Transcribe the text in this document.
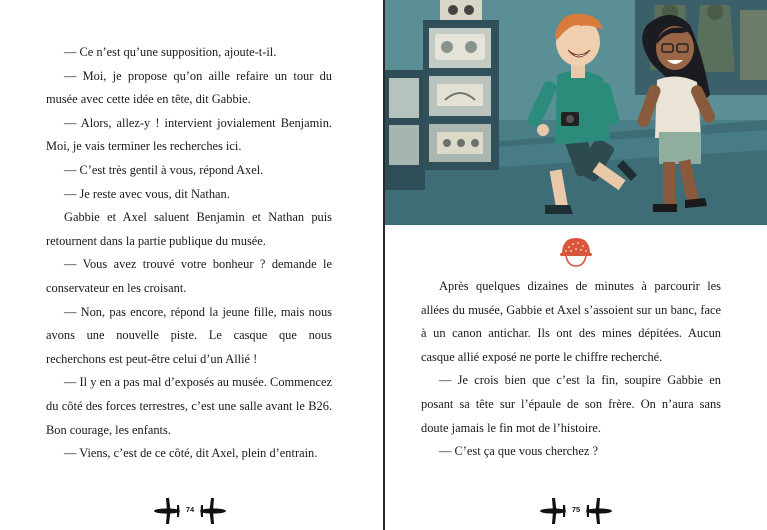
— Ce n’est qu’une supposition, ajoute-t-il.

— Moi, je propose qu’on aille refaire un tour du musée avec cette idée en tête, dit Gabbie.

— Alors, allez-y ! intervient jovialement Benjamin. Moi, je vais terminer les recherches ici.

— C’est très gentil à vous, répond Axel.

— Je reste avec vous, dit Nathan.

Gabbie et Axel saluent Benjamin et Nathan puis retournent dans la partie publique du musée.

— Vous avez trouvé votre bonheur ? demande le conservateur en les croisant.

— Non, pas encore, répond la jeune fille, mais nous avons une nouvelle piste. Le casque que nous recherchons est peut-être celui d’un Allié !

— Il y en a pas mal d’exposés au musée. Commencez du côté des forces terrestres, c’est une salle avant le B26. Bon courage, les enfants.

— Viens, c’est de ce côté, dit Axel, plein d’entrain.

74

Après quelques dizaines de minutes à parcourir les allées du musée, Gabbie et Axel s’assoient sur un banc, face à un canon antichar. Ils ont des mines dépitées. Aucun casque allié exposé ne porte le chiffre recherché.

— Je crois bien que c’est la fin, soupire Gabbie en posant sa tête sur l’épaule de son frère. On n’aura sans doute jamais le fin mot de l’histoire.

— C’est ça que vous cherchez ?

75
